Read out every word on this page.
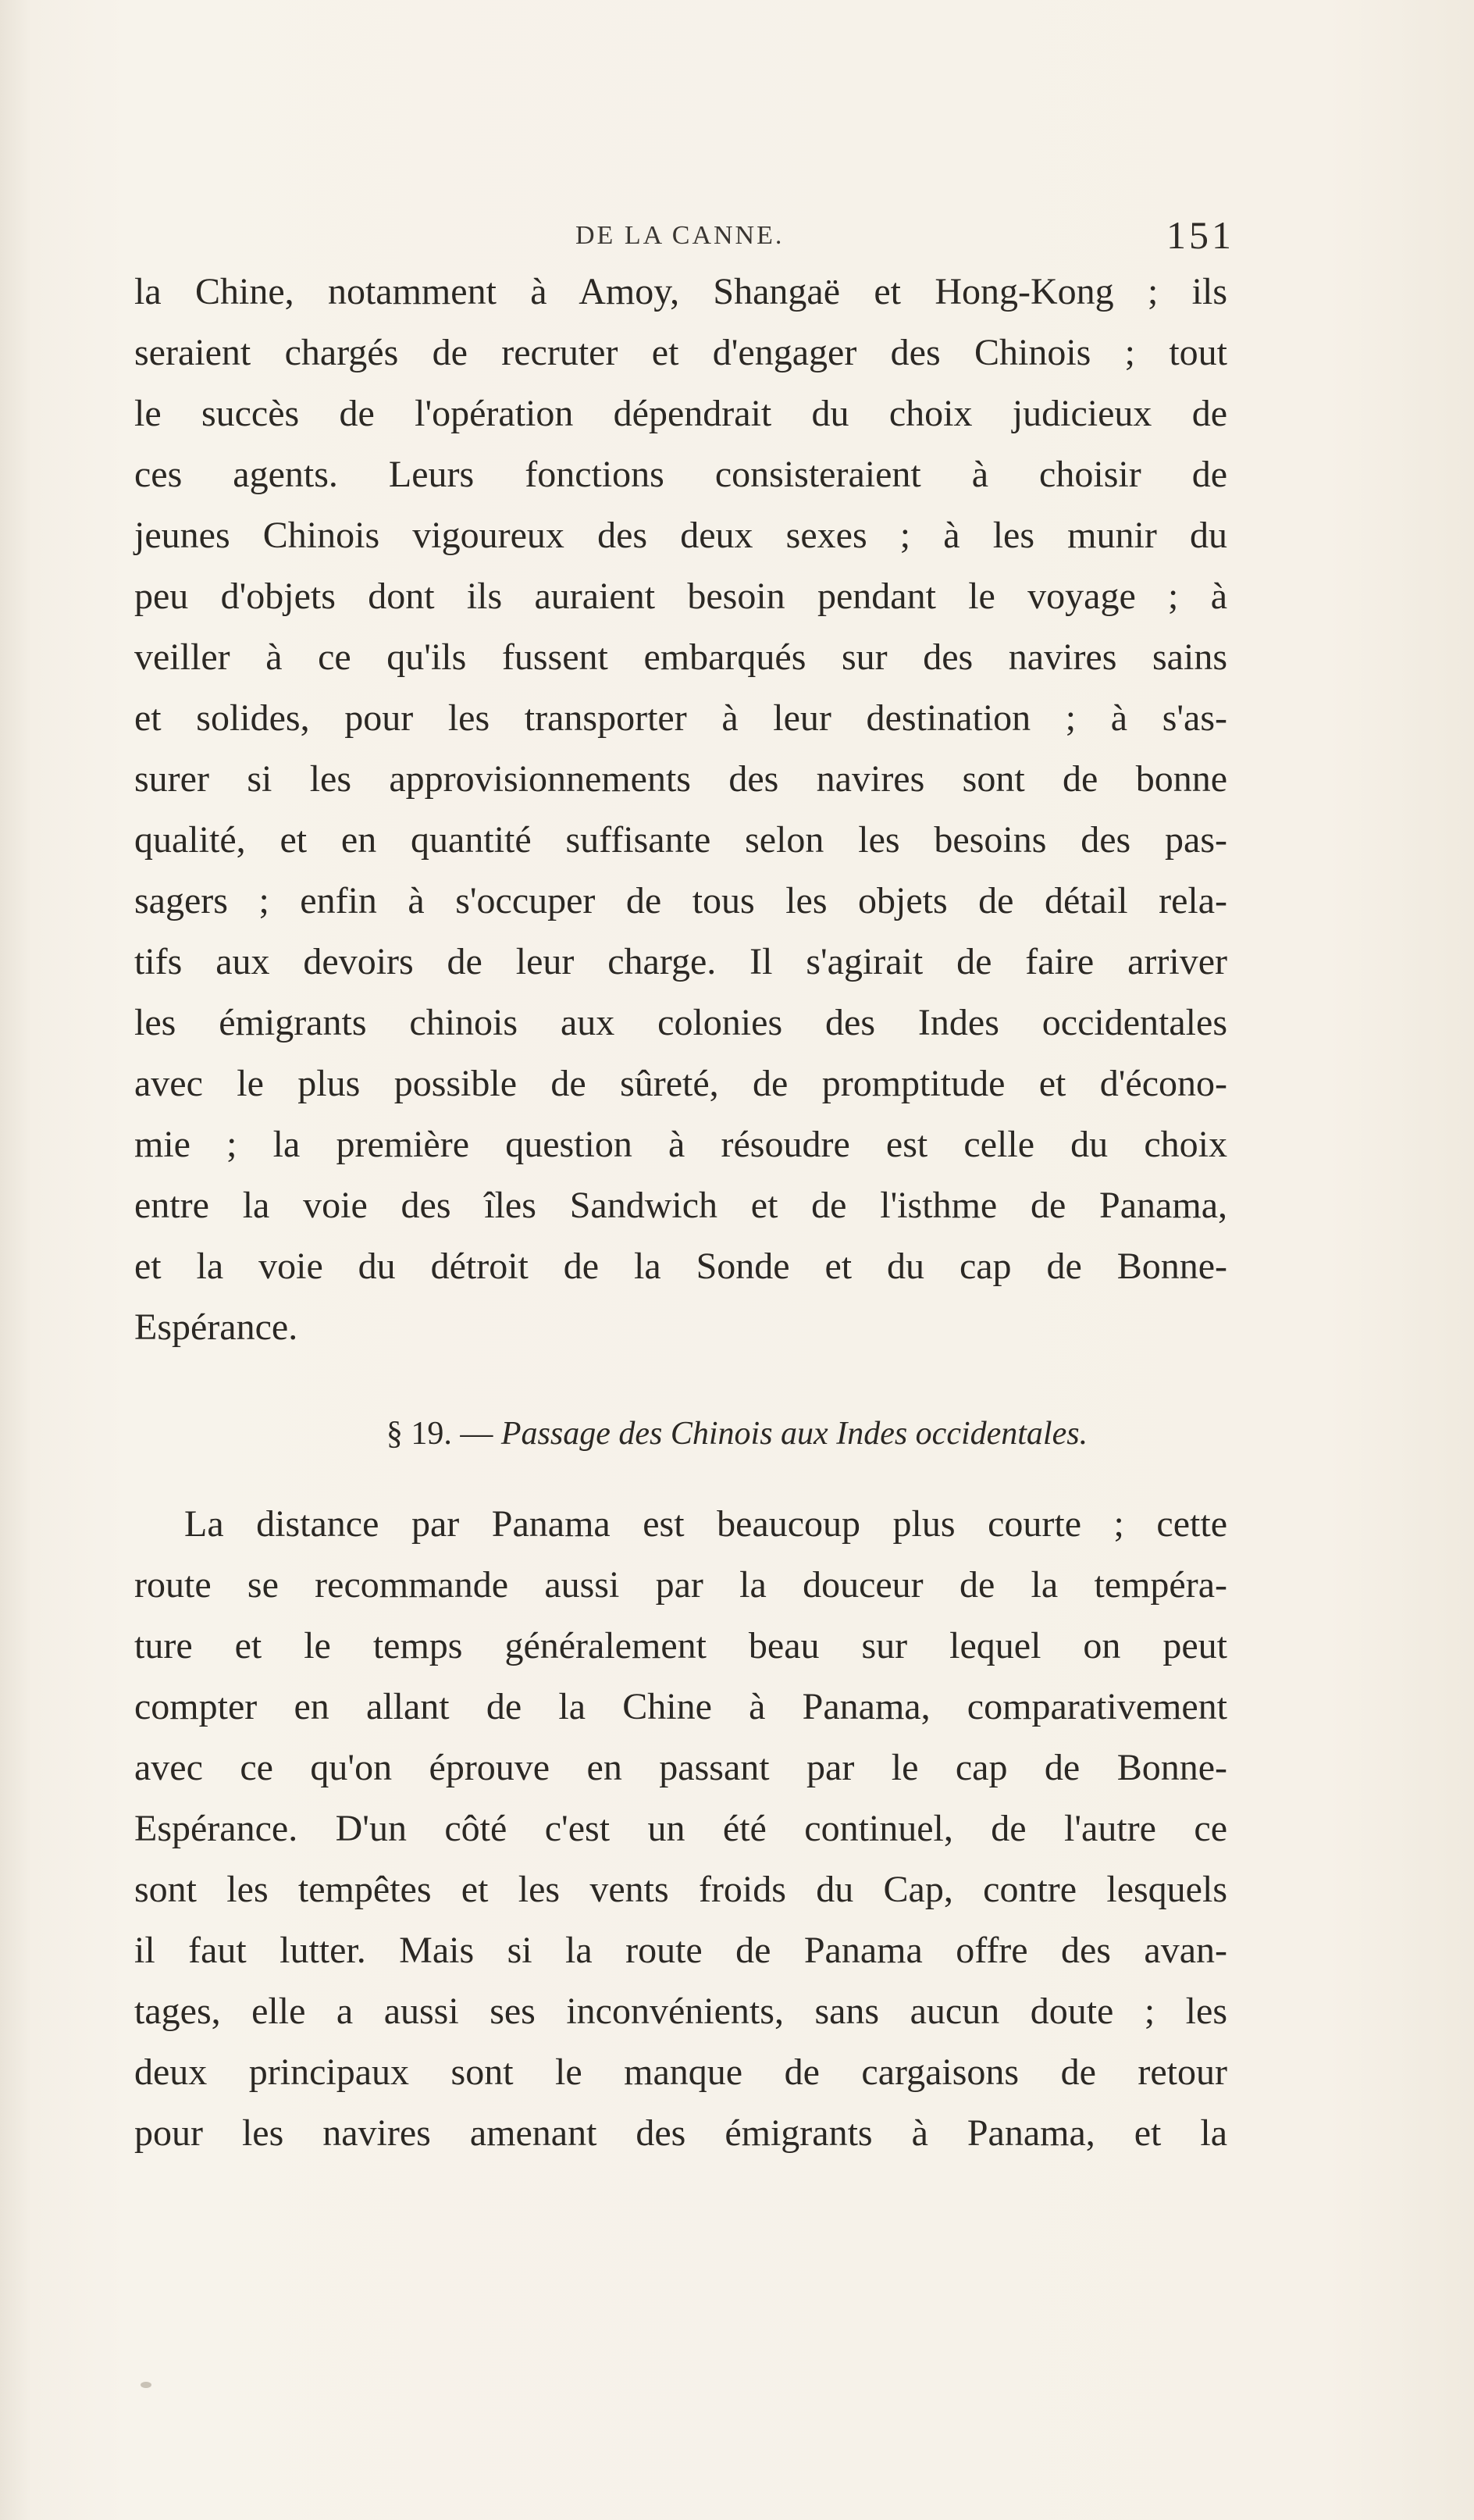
DE LA CANNE.	151
la Chine, notamment à Amoy, Shangaë et Hong-Kong ; ils
seraient chargés de recruter et d'engager des Chinois ; tout
le succès de l'opération dépendrait du choix judicieux de
ces agents. Leurs fonctions consisteraient à choisir de
jeunes Chinois vigoureux des deux sexes ; à les munir du
peu d'objets dont ils auraient besoin pendant le voyage ; à
veiller à ce qu'ils fussent embarqués sur des navires sains
et solides, pour les transporter à leur destination ; à s'as-
surer si les approvisionnements des navires sont de bonne
qualité, et en quantité suffisante selon les besoins des pas-
sagers ; enfin à s'occuper de tous les objets de détail rela-
tifs aux devoirs de leur charge. Il s'agirait de faire arriver
les émigrants chinois aux colonies des Indes occidentales
avec le plus possible de sûreté, de promptitude et d'écono-
mie ; la première question à résoudre est celle du choix
entre la voie des îles Sandwich et de l'isthme de Panama,
et la voie du détroit de la Sonde et du cap de Bonne-
Espérance.
§ 19. — Passage des Chinois aux Indes occidentales.
La distance par Panama est beaucoup plus courte ; cette
route se recommande aussi par la douceur de la tempéra-
ture et le temps généralement beau sur lequel on peut
compter en allant de la Chine à Panama, comparativement
avec ce qu'on éprouve en passant par le cap de Bonne-
Espérance. D'un côté c'est un été continuel, de l'autre ce
sont les tempêtes et les vents froids du Cap, contre lesquels
il faut lutter. Mais si la route de Panama offre des avan-
tages, elle a aussi ses inconvénients, sans aucun doute ; les
deux principaux sont le manque de cargaisons de retour
pour les navires amenant des émigrants à Panama, et la
